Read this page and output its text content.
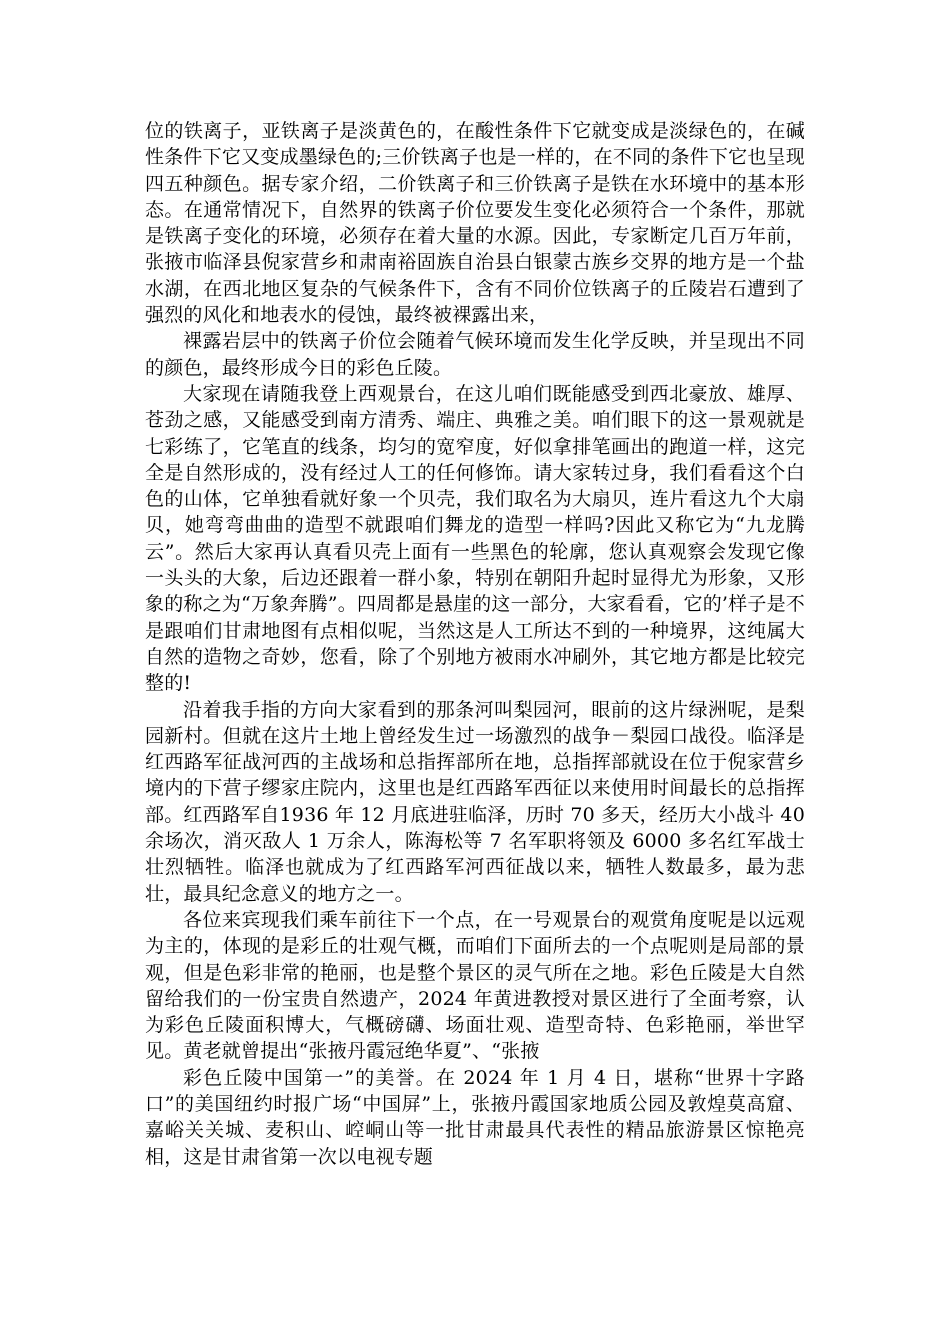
位的铁离子，亚铁离子是淡黄色的，在酸性条件下它就变成是淡绿色的，在碱性条件下它又变成墨绿色的;三价铁离子也是一样的，在不同的条件下它也呈现四五种颜色。据专家介绍，二价铁离子和三价铁离子是铁在水环境中的基本形态。在通常情况下，自然界的铁离子价位要发生变化必须符合一个条件，那就是铁离子变化的环境，必须存在着大量的水源。因此，专家断定几百万年前，张掖市临泽县倪家营乡和肃南裕固族自治县白银蒙古族乡交界的地方是一个盐水湖，在西北地区复杂的气候条件下，含有不同价位铁离子的丘陵岩石遭到了强烈的风化和地表水的侵蚀，最终被裸露出来，

裸露岩层中的铁离子价位会随着气候环境而发生化学反映，并呈现出不同的颜色，最终形成今日的彩色丘陵。

大家现在请随我登上西观景台，在这儿咱们既能感受到西北豪放、雄厚、苍劲之感，又能感受到南方清秀、端庄、典雅之美。咱们眼下的这一景观就是七彩练了，它笔直的线条，均匀的宽窄度，好似拿排笔画出的跑道一样，这完全是自然形成的，没有经过人工的任何修饰。请大家转过身，我们看看这个白色的山体，它单独看就好象一个贝壳，我们取名为大扇贝，连片看这九个大扇贝，她弯弯曲曲的造型不就跟咱们舞龙的造型一样吗?因此又称它为“九龙腾云”。然后大家再认真看贝壳上面有一些黑色的轮廓，您认真观察会发现它像一头头的大象，后边还跟着一群小象，特别在朝阳升起时显得尤为形象，又形象的称之为“万象奔腾”。四周都是悬崖的这一部分，大家看看，它的’样子是不是跟咱们甘肃地图有点相似呢，当然这是人工所达不到的一种境界，这纯属大自然的造物之奇妙，您看，除了个别地方被雨水冲刷外，其它地方都是比较完整的!

沿着我手指的方向大家看到的那条河叫梨园河，眼前的这片绿洲呢，是梨园新村。但就在这片土地上曾经发生过一场激烈的战争－梨园口战役。临泽是红西路军征战河西的主战场和总指挥部所在地，总指挥部就设在位于倪家营乡境内的下营子缪家庄院内，这里也是红西路军西征以来使用时间最长的总指挥部。红西路军自1936 年 12 月底进驻临泽，历时 70 多天，经历大小战斗 40 余场次，消灭敌人 1 万余人，陈海松等 7 名军职将领及 6000 多名红军战士壮烈牺牲。临泽也就成为了红西路军河西征战以来，牺牲人数最多，最为悲壮，最具纪念意义的地方之一。

各位来宾现我们乘车前往下一个点，在一号观景台的观赏角度呢是以远观为主的，体现的是彩丘的壮观气概，而咱们下面所去的一个点呢则是局部的景观，但是色彩非常的艳丽，也是整个景区的灵气所在之地。彩色丘陵是大自然留给我们的一份宝贵自然遗产，2024 年黄进教授对景区进行了全面考察，认为彩色丘陵面积博大，气概磅礴、场面壮观、造型奇特、色彩艳丽，举世罕见。黄老就曾提出“张掖丹霞冠绝华夏”、“张掖

彩色丘陵中国第一”的美誉。在 2024 年 1 月 4 日，堪称“世界十字路口”的美国纽约时报广场“中国屏”上，张掖丹霞国家地质公园及敦煌莫高窟、嘉峪关关城、麦积山、崆峒山等一批甘肃最具代表性的精品旅游景区惊艳亮相，这是甘肃省第一次以电视专题
